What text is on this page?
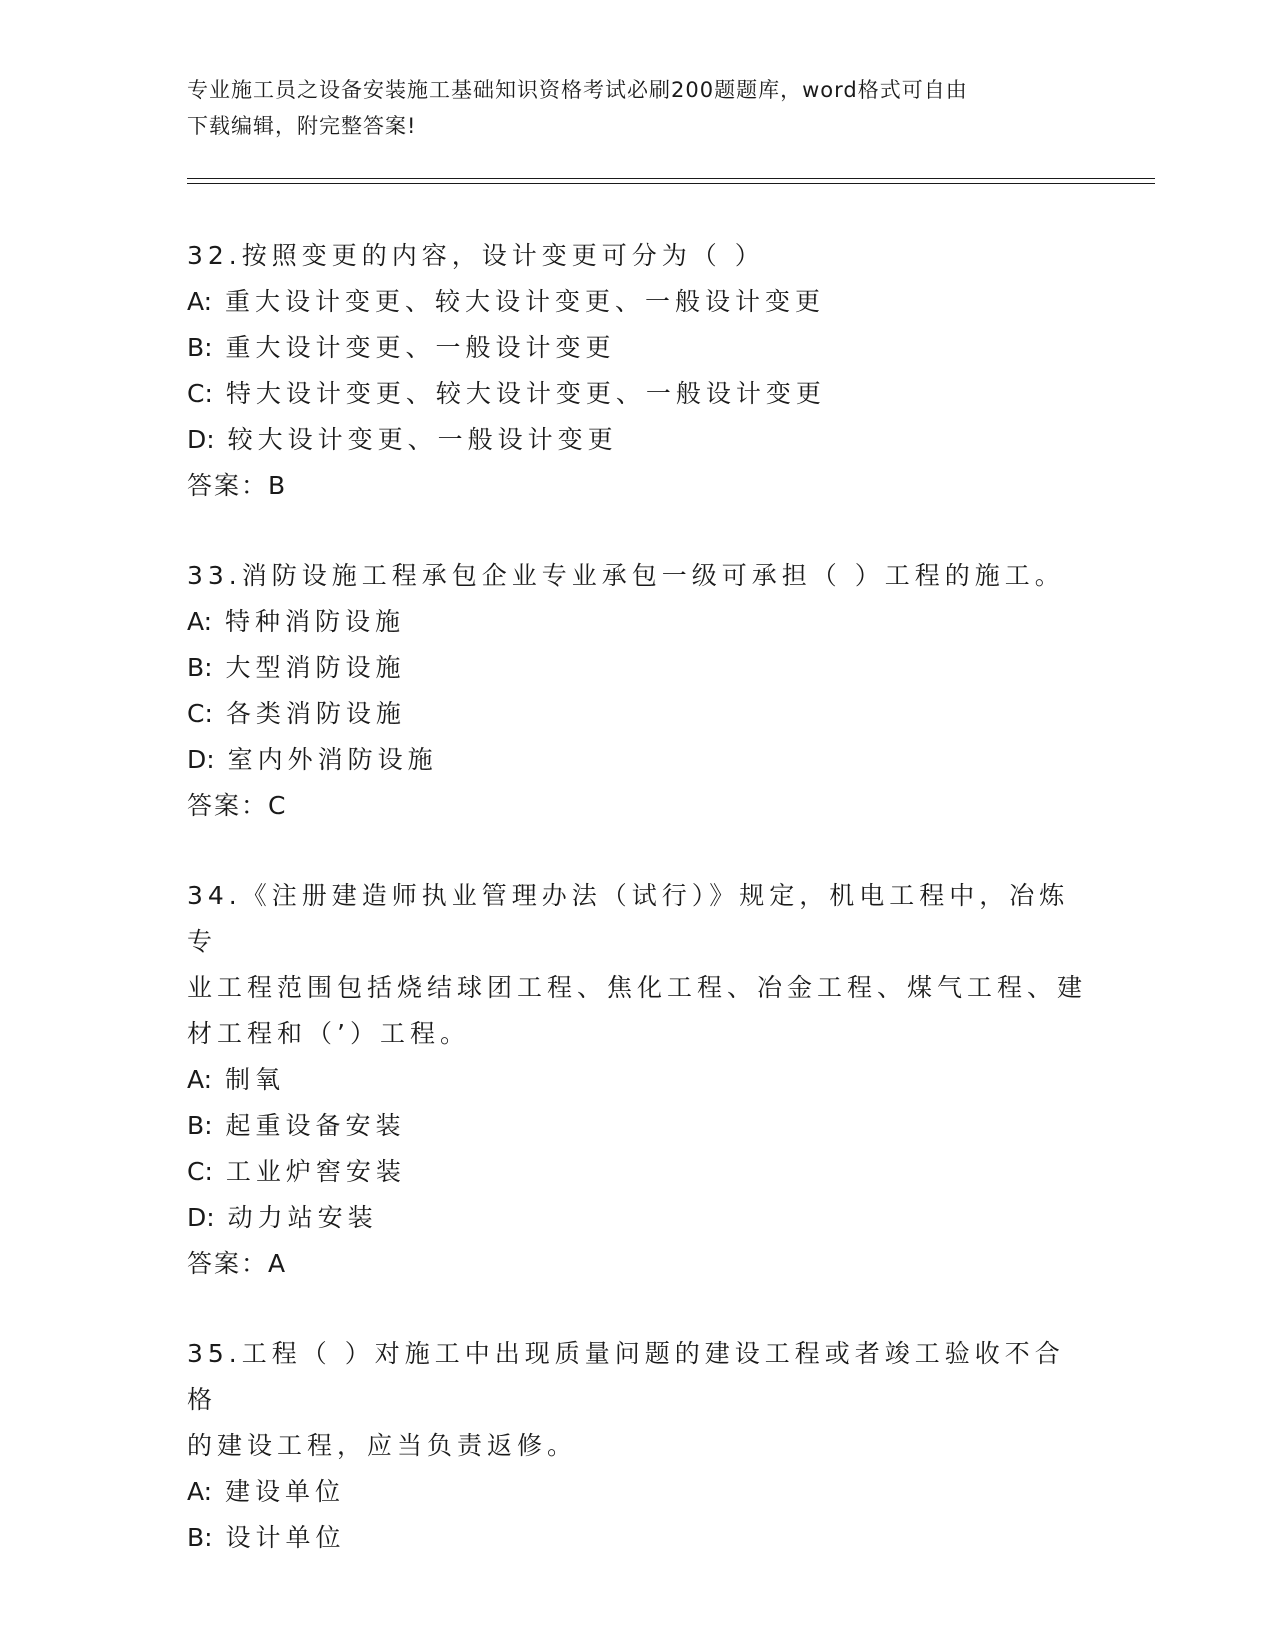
专业施工员之设备安装施工基础知识资格考试必刷200题题库，word格式可自由
下载编辑，附完整答案!
32.按照变更的内容，设计变更可分为（ ）
A: 重大设计变更、较大设计变更、一般设计变更
B: 重大设计变更、一般设计变更
C: 特大设计变更、较大设计变更、一般设计变更
D: 较大设计变更、一般设计变更
答案：B
33.消防设施工程承包企业专业承包一级可承担（ ）工程的施工。
A: 特种消防设施
B: 大型消防设施
C: 各类消防设施
D: 室内外消防设施
答案：C
34.《注册建造师执业管理办法（试行）》规定，机电工程中，冶炼专
业工程范围包括烧结球团工程、焦化工程、冶金工程、煤气工程、建
材工程和（’）工程。
A: 制氧
B: 起重设备安装
C: 工业炉窖安装
D: 动力站安装
答案：A
35.工程（ ）对施工中出现质量问题的建设工程或者竣工验收不合格
的建设工程，应当负责返修。
A: 建设单位
B: 设计单位
